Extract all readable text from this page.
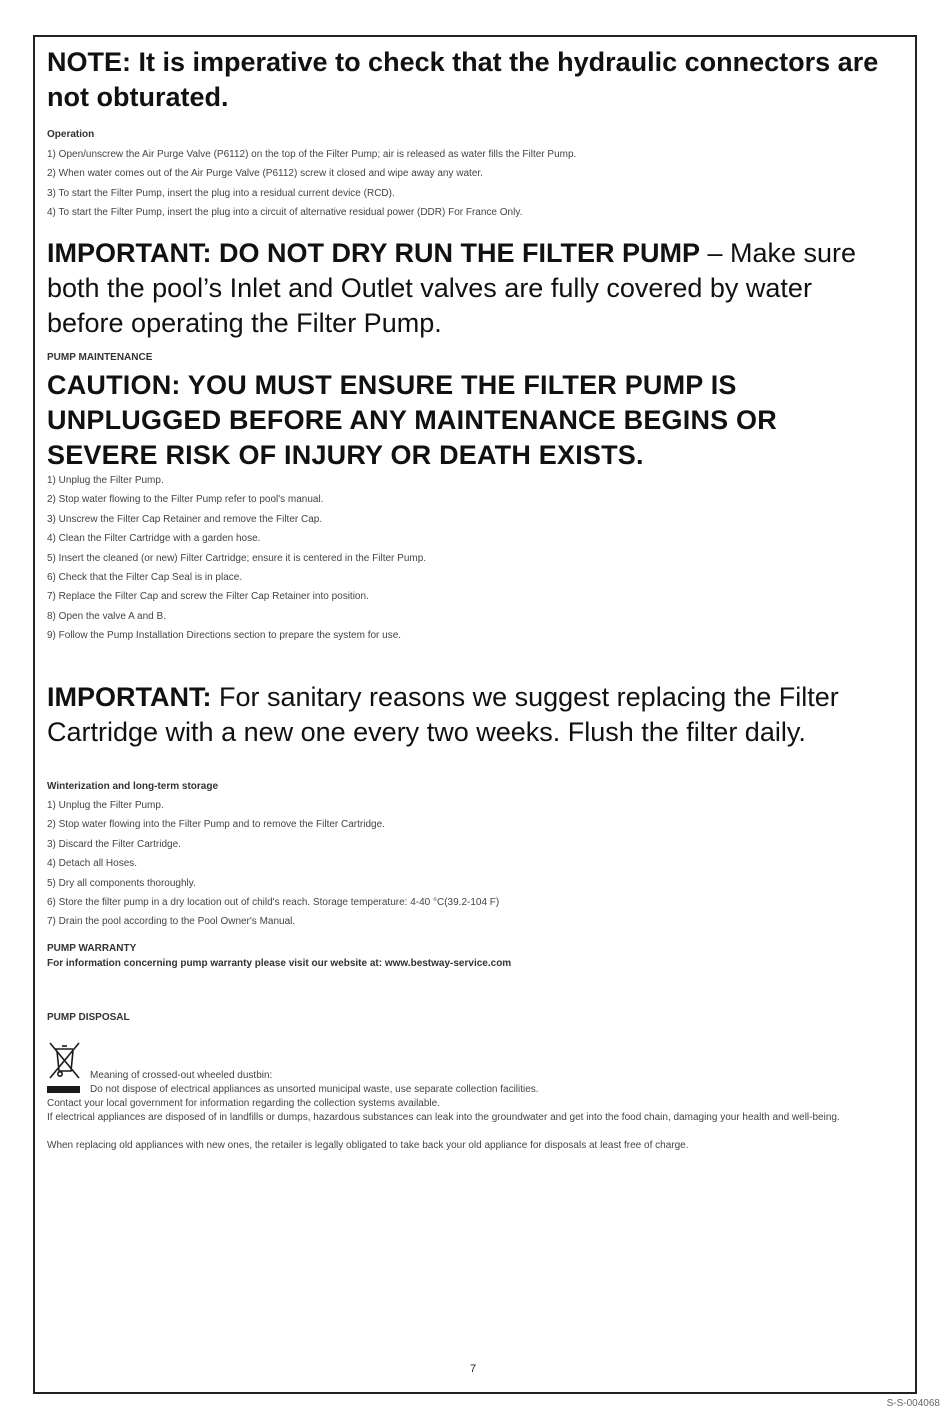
NOTE: It is imperative to check that the hydraulic connectors are not obturated.
Operation
1) Open/unscrew the Air Purge Valve (P6112) on the top of the Filter Pump; air is released as water fills the Filter Pump.
2) When water comes out of the Air Purge Valve (P6112) screw it closed and wipe away any water.
3) To start the Filter Pump, insert the plug into a residual current device (RCD).
4) To start the Filter Pump, insert the plug into a circuit of alternative residual power (DDR) For France Only.
IMPORTANT: DO NOT DRY RUN THE FILTER PUMP – Make sure both the pool’s Inlet and Outlet valves are fully covered by water before operating the Filter Pump.
PUMP MAINTENANCE
CAUTION: YOU MUST ENSURE THE FILTER PUMP IS UNPLUGGED BEFORE ANY MAINTENANCE BEGINS OR SEVERE RISK OF INJURY OR DEATH EXISTS.
1) Unplug the Filter Pump.
2) Stop water flowing to the Filter Pump refer to pool's manual.
3) Unscrew the Filter Cap Retainer and remove the Filter Cap.
4) Clean the Filter Cartridge with a garden hose.
5) Insert the cleaned (or new) Filter Cartridge; ensure it is centered in the Filter Pump.
6) Check that the Filter Cap Seal is in place.
7) Replace the Filter Cap and screw the Filter Cap Retainer into position.
8) Open the valve A and B.
9) Follow the Pump Installation Directions section to prepare the system for use.
IMPORTANT: For sanitary reasons we suggest replacing the Filter Cartridge with a new one every two weeks. Flush the filter daily.
Winterization and long-term storage
1) Unplug the Filter Pump.
2) Stop water flowing into the Filter Pump and to remove the Filter Cartridge.
3) Discard the Filter Cartridge.
4) Detach all Hoses.
5) Dry all components thoroughly.
6) Store the filter pump in a dry location out of child's reach. Storage temperature: 4-40 °C(39.2-104 F)
7) Drain the pool according to the Pool Owner's Manual.
PUMP WARRANTY
For information concerning pump warranty please visit our website at: www.bestway-service.com
PUMP DISPOSAL
Meaning of crossed-out wheeled dustbin:
Do not dispose of electrical appliances as unsorted municipal waste, use separate collection facilities.
Contact your local government for information regarding the collection systems available.
If electrical appliances are disposed of in landfills or dumps, hazardous substances can leak into the groundwater and get into the food chain, damaging your health and well-being.
When replacing old appliances with new ones, the retailer is legally obligated to take back your old appliance for disposals at least free of charge.
7
S-S-004068
